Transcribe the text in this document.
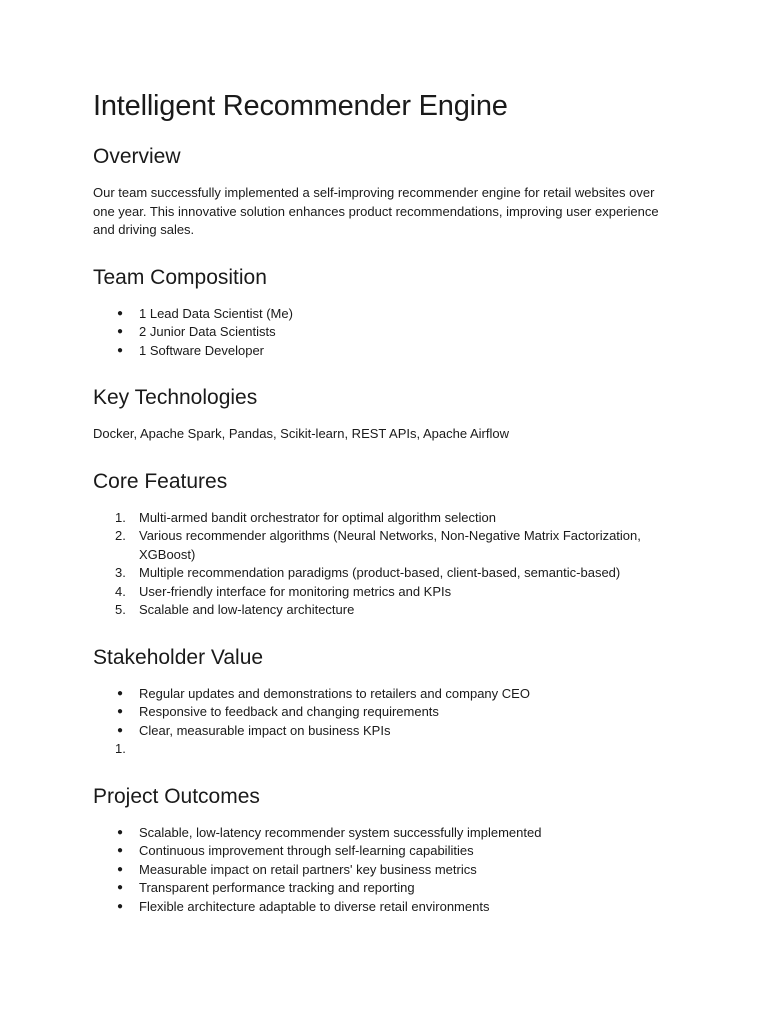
Intelligent Recommender Engine
Overview

Our team successfully implemented a self-improving recommender engine for retail websites over one year. This innovative solution enhances product recommendations, improving user experience and driving sales.

Team Composition
●	1 Lead Data Scientist (Me)
●	2 Junior Data Scientists
●	1 Software Developer
Key Technologies

Docker, Apache Spark, Pandas, Scikit-learn, REST APIs, Apache Airflow

Core Features
1.	Multi-armed bandit orchestrator for optimal algorithm selection
2.	Various recommender algorithms (Neural Networks, Non-Negative Matrix Factorization, XGBoost)
3.	Multiple recommendation paradigms (product-based, client-based, semantic-based)
4.	User-friendly interface for monitoring metrics and KPIs
5.	Scalable and low-latency architecture
Stakeholder Value
●	Regular updates and demonstrations to retailers and company CEO
●	Responsive to feedback and changing requirements
●	Clear, measurable impact on business KPIs
1.

Project Outcomes
●	Scalable, low-latency recommender system successfully implemented
●	Continuous improvement through self-learning capabilities
●	Measurable impact on retail partners' key business metrics
●	Transparent performance tracking and reporting
●	Flexible architecture adaptable to diverse retail environments
